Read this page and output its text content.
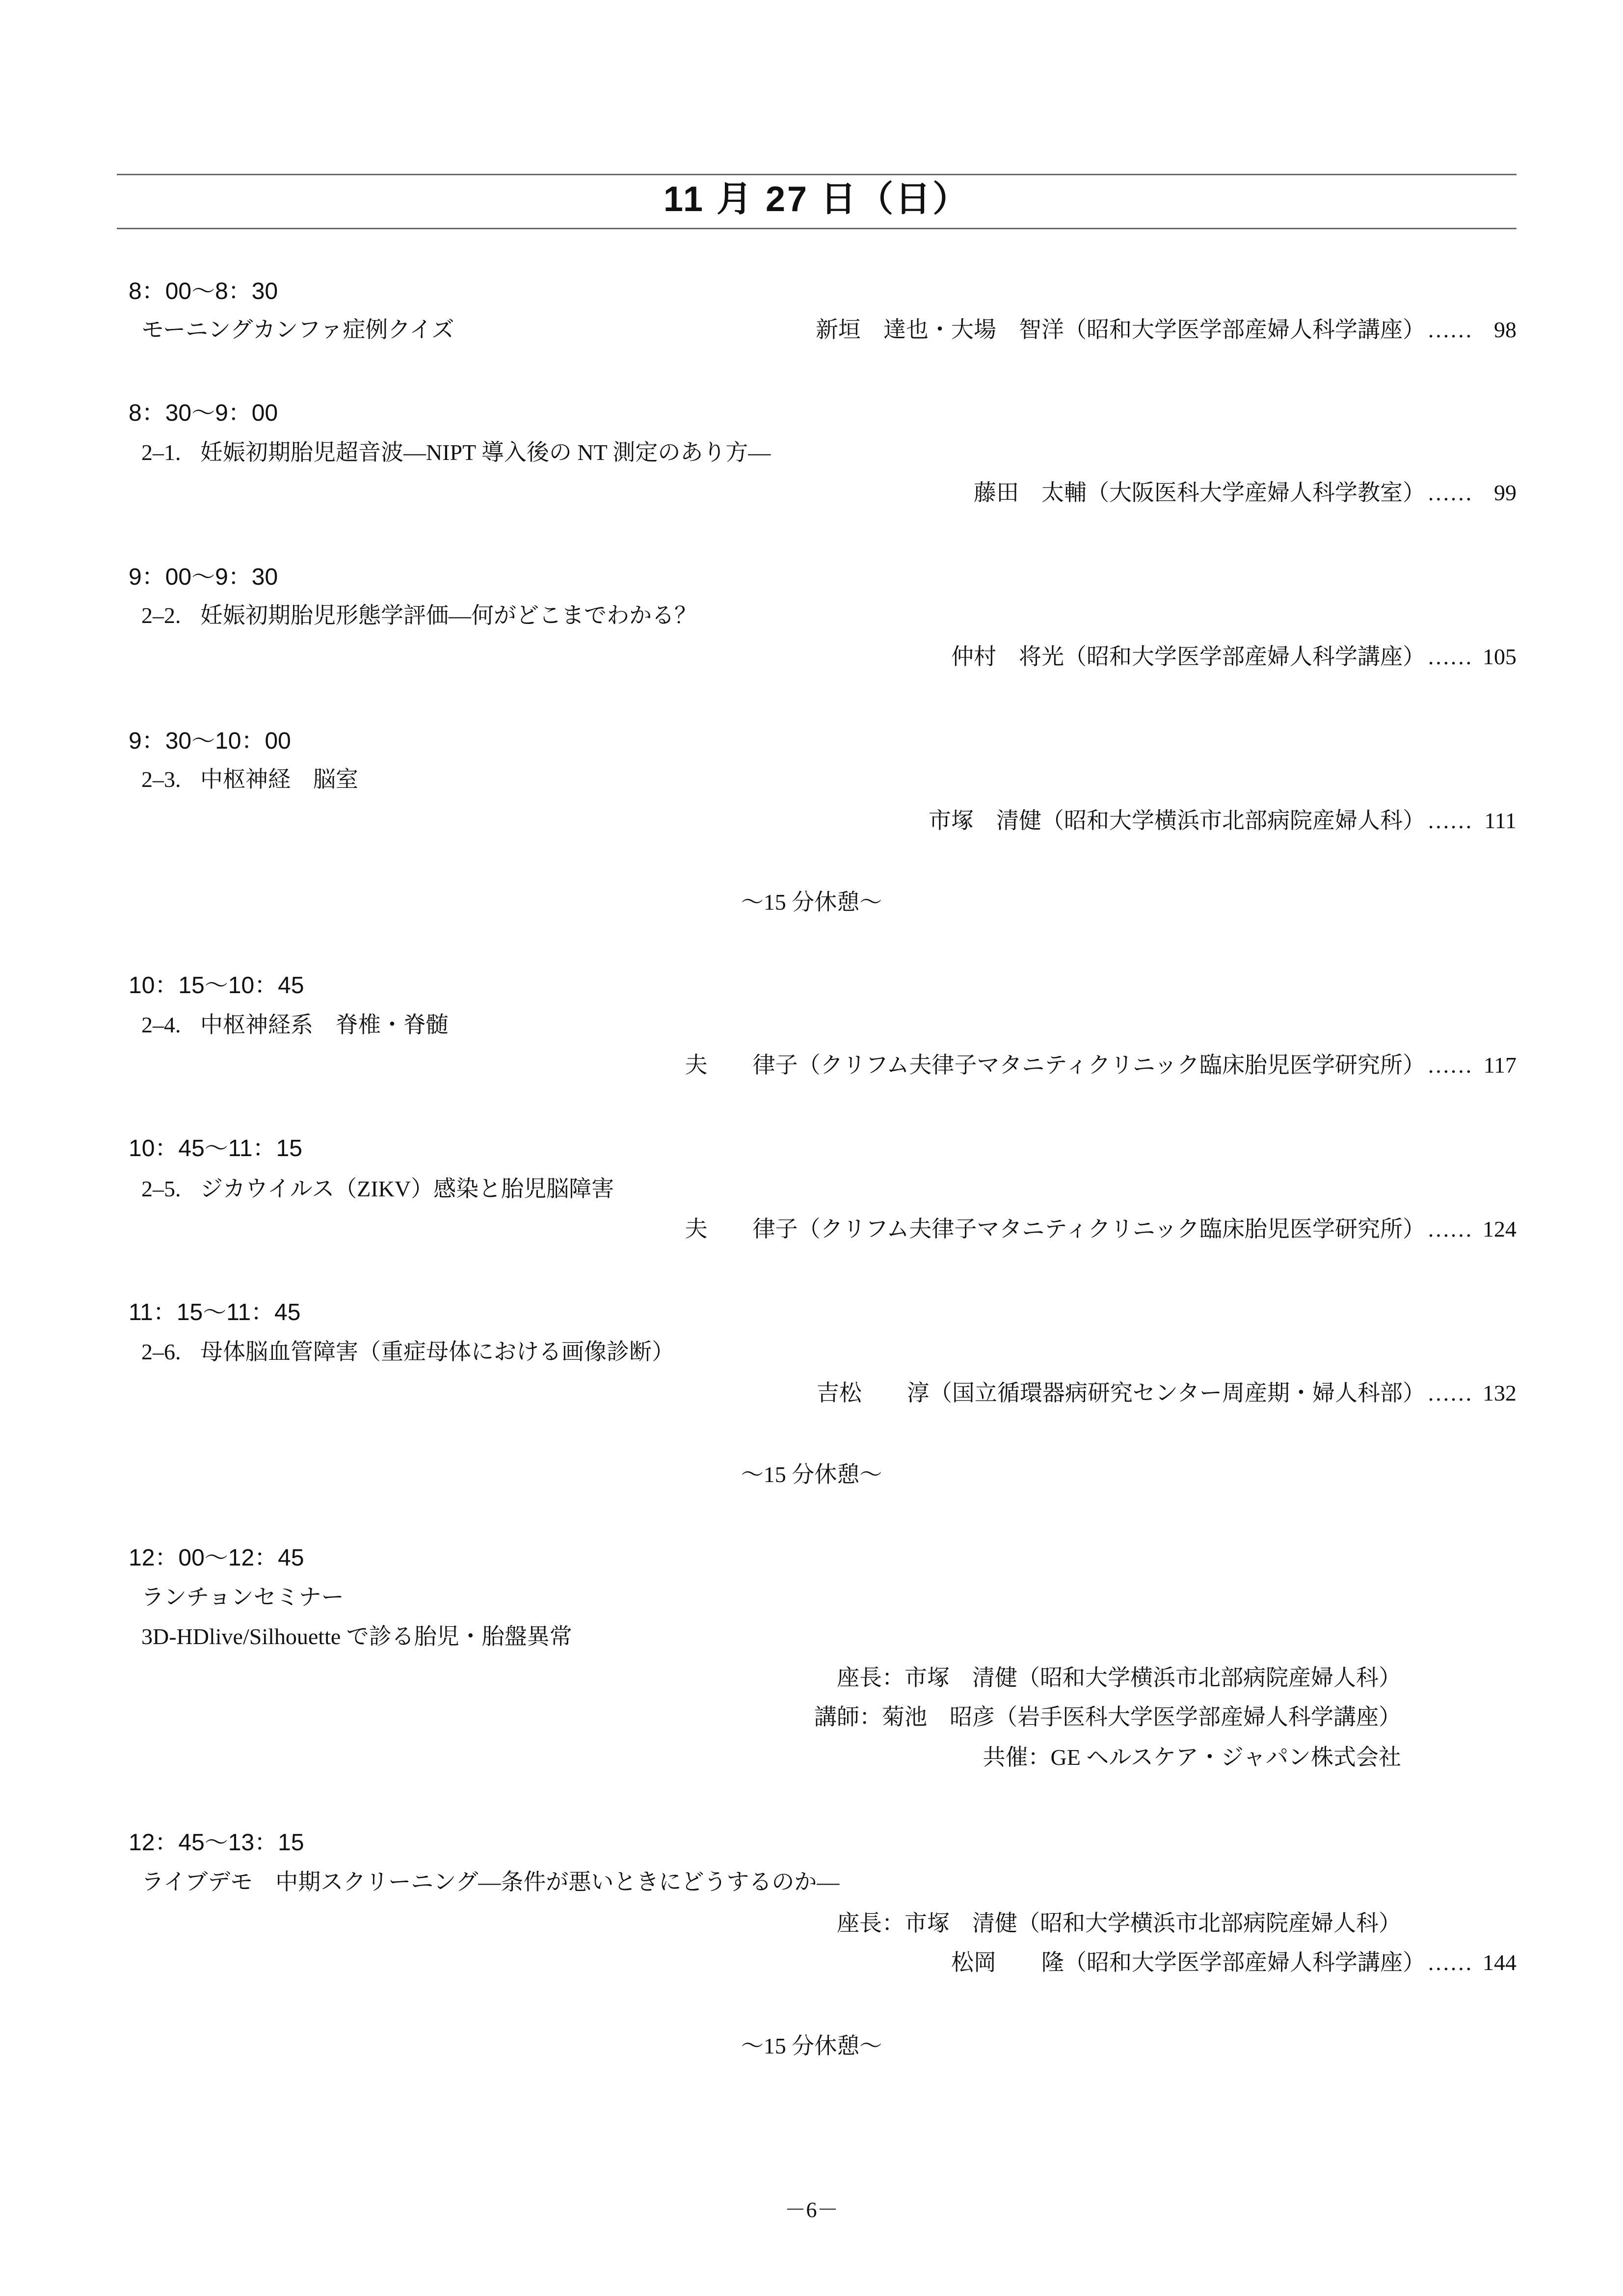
11 月 27 日（日）
8：00〜8：30
モーニングカンファ症例クイズ	新垣　達也・大場　智洋（昭和大学医学部産婦人科学講座）…… 98
8：30〜9：00
2–1. 妊娠初期胎児超音波―NIPT 導入後の NT 測定のあり方―
藤田　太輔（大阪医科大学産婦人科学教室）…… 99
9：00〜9：30
2–2. 妊娠初期胎児形態学評価―何がどこまでわかる？
仲村　将光（昭和大学医学部産婦人科学講座）…… 105
9：30〜10：00
2–3. 中枢神経　脳室
市塚　清健（昭和大学横浜市北部病院産婦人科）…… 111
〜15 分休憩〜
10：15〜10：45
2–4. 中枢神経系　脊椎・脊髄
夫　　律子（クリフム夫律子マタニティクリニック臨床胎児医学研究所）…… 117
10：45〜11：15
2–5. ジカウイルス（ZIKV）感染と胎児脳障害
夫　　律子（クリフム夫律子マタニティクリニック臨床胎児医学研究所）…… 124
11：15〜11：45
2–6. 母体脳血管障害（重症母体における画像診断）
吉松　　淳（国立循環器病研究センター周産期・婦人科部）…… 132
〜15 分休憩〜
12：00〜12：45
ランチョンセミナー
3D-HDlive/Silhouette で診る胎児・胎盤異常
座長：市塚　清健（昭和大学横浜市北部病院産婦人科）
講師：菊池　昭彦（岩手医科大学医学部産婦人科学講座）
共催：GE ヘルスケア・ジャパン株式会社
12：45〜13：15
ライブデモ　中期スクリーニング―条件が悪いときにどうするのか―
座長：市塚　清健（昭和大学横浜市北部病院産婦人科）
松岡　　隆（昭和大学医学部産婦人科学講座）…… 144
〜15 分休憩〜
－6－
